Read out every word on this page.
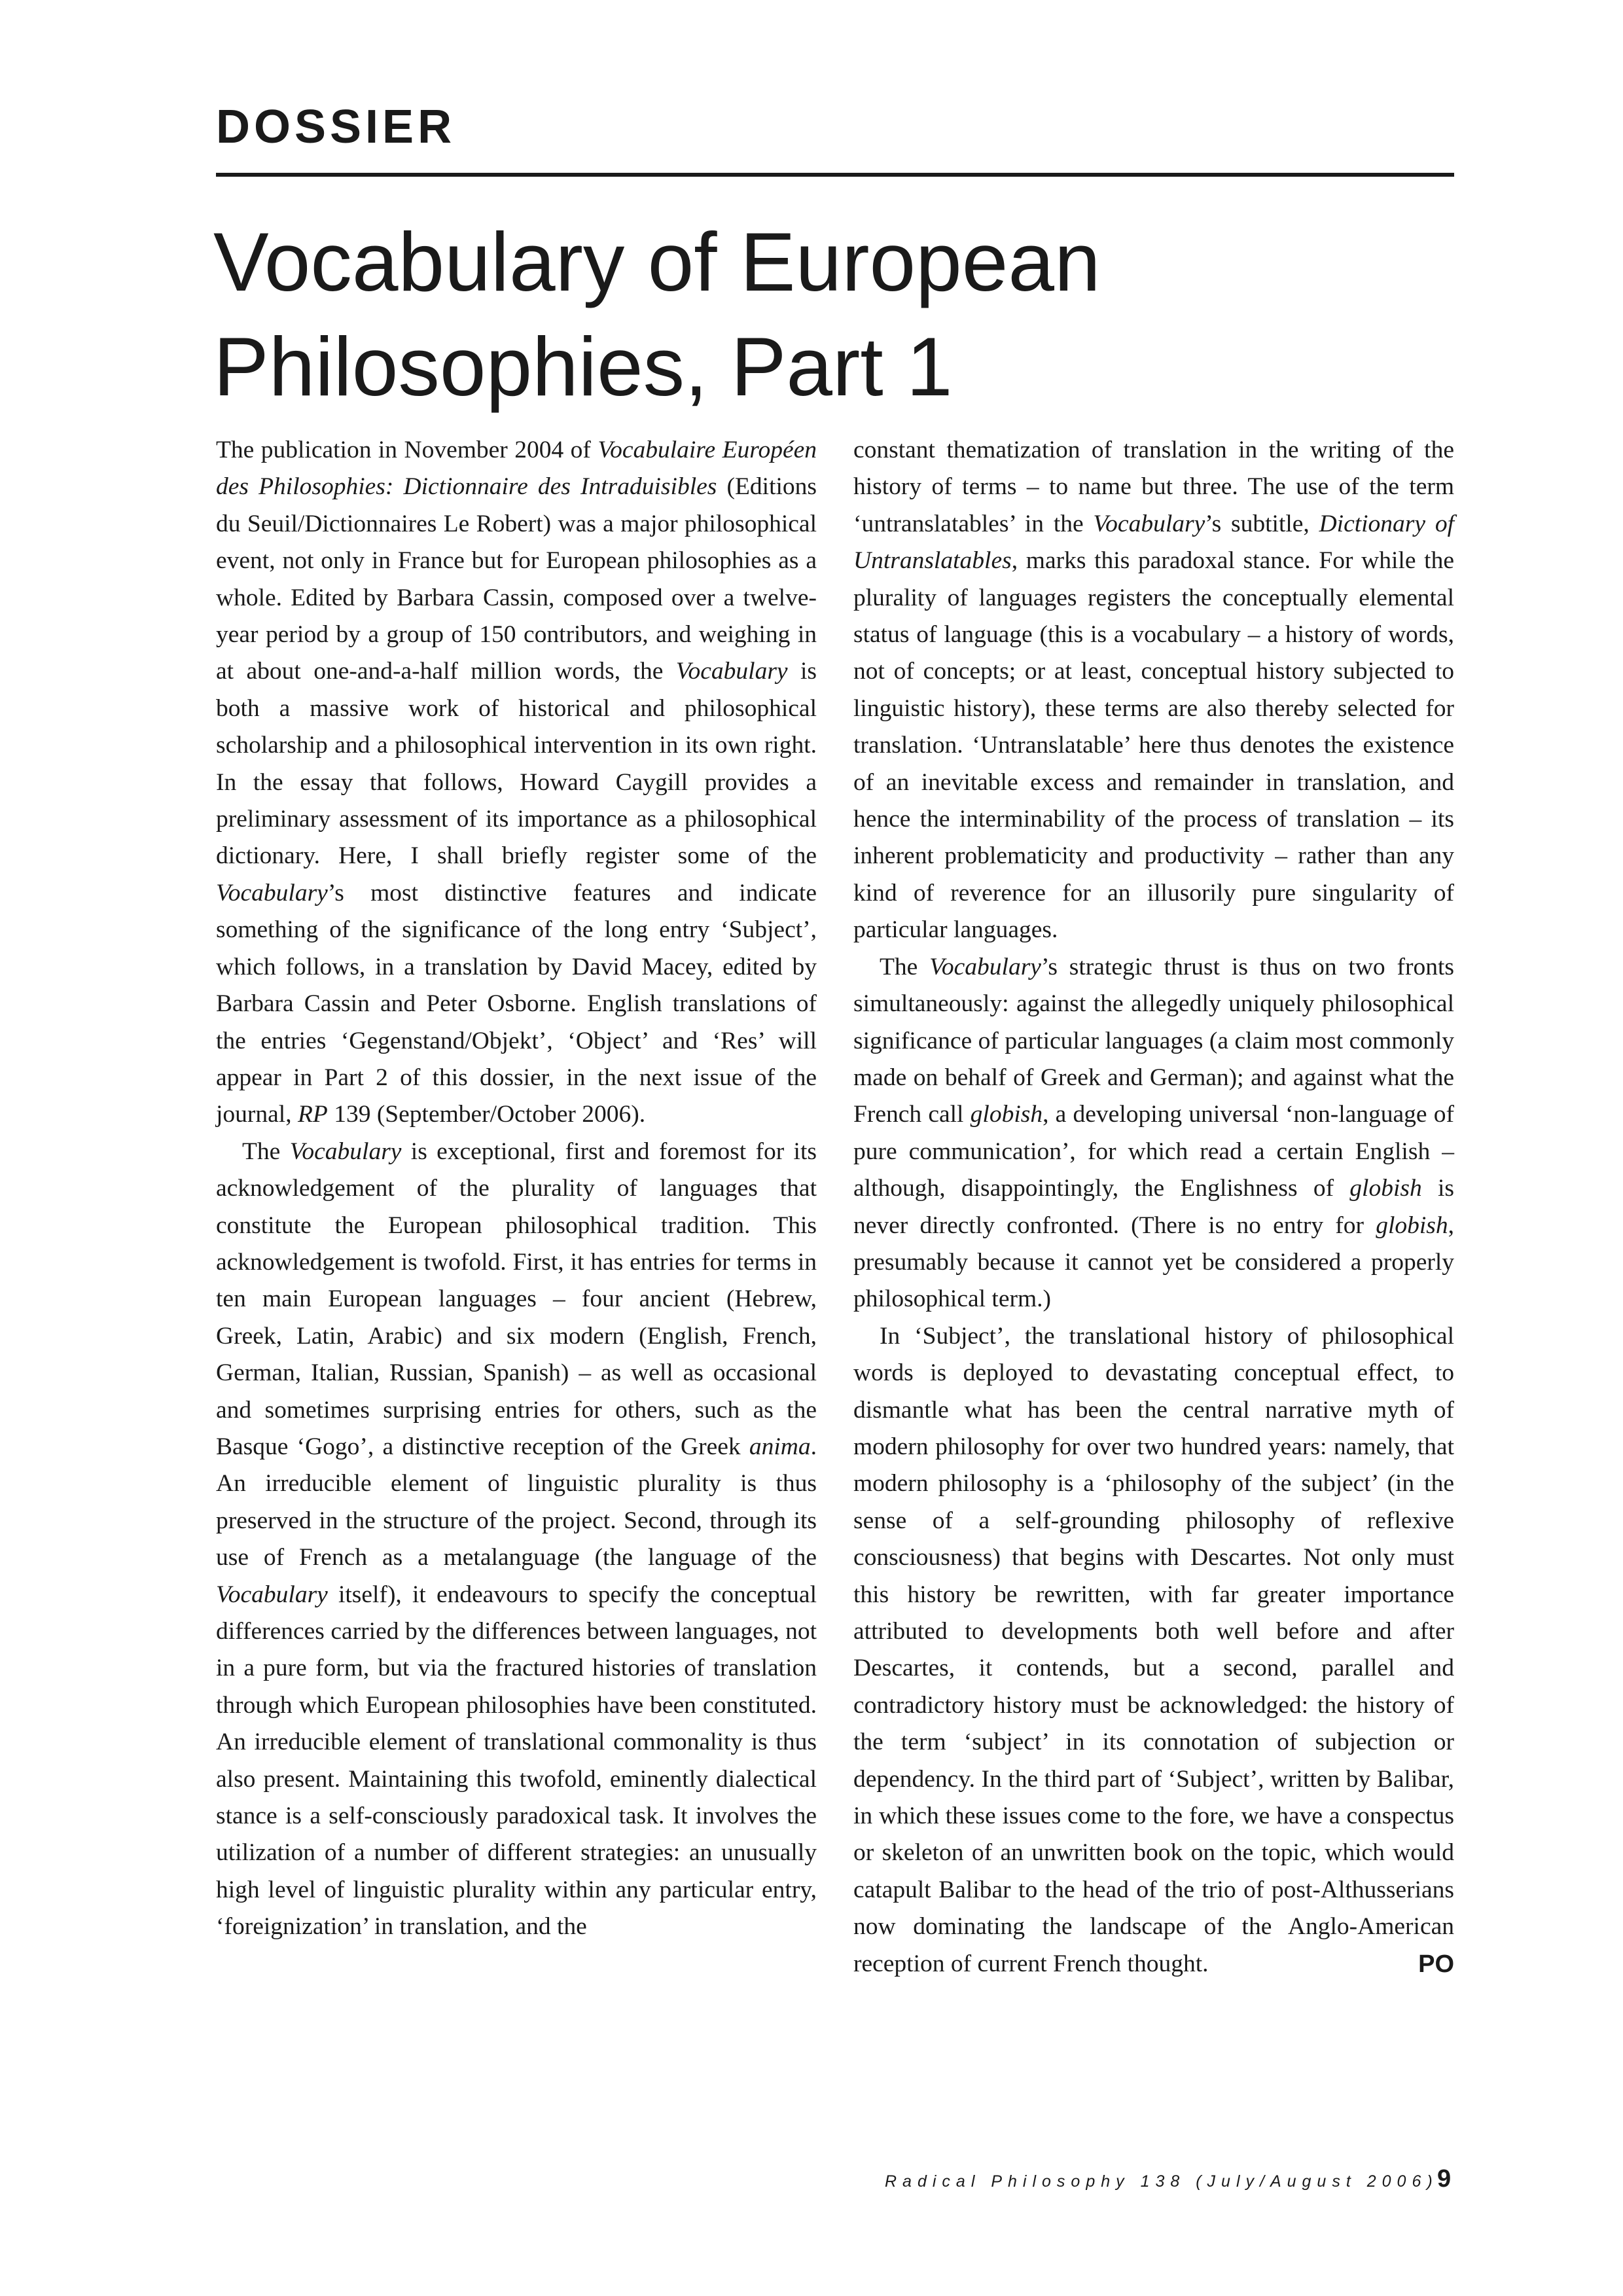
DOSSIER
Vocabulary of European
Philosophies, Part 1

The publication in November 2004 of Vocabulaire Européen des Philosophies: Dictionnaire des Intraduisibles (Editions du Seuil/Dictionnaires Le Robert) was a major philosophical event, not only in France but for European philosophies as a whole. Edited by Barbara Cassin, composed over a twelve-year period by a group of 150 contributors, and weighing in at about one-and-a-half million words, the Vocabulary is both a massive work of historical and philosophical scholarship and a philosophical intervention in its own right. In the essay that follows, Howard Caygill provides a preliminary assessment of its importance as a philosophical dictionary. Here, I shall briefly register some of the Vocabulary’s most distinctive features and indicate something of the significance of the long entry ‘Subject’, which follows, in a translation by David Macey, edited by Barbara Cassin and Peter Osborne. English translations of the entries ‘Gegenstand/Objekt’, ‘Object’ and ‘Res’ will appear in Part 2 of this dossier, in the next issue of the journal, RP 139 (September/October 2006).

The Vocabulary is exceptional, first and foremost for its acknowledgement of the plurality of languages that constitute the European philosophical tradition. This acknowledgement is twofold. First, it has entries for terms in ten main European languages – four ancient (Hebrew, Greek, Latin, Arabic) and six modern (English, French, German, Italian, Russian, Spanish) – as well as occasional and sometimes surprising entries for others, such as the Basque ‘Gogo’, a distinctive reception of the Greek anima. An irreducible element of linguistic plurality is thus preserved in the structure of the project. Second, through its use of French as a metalanguage (the language of the Vocabulary itself), it endeavours to specify the conceptual differences carried by the differences between languages, not in a pure form, but via the fractured histories of translation through which European philosophies have been constituted. An irreducible element of translational commonality is thus also present. Maintaining this twofold, eminently dialectical stance is a self-consciously paradoxical task. It involves the utilization of a number of different strategies: an unusually high level of linguistic plurality within any particular entry, ‘foreignization’ in translation, and the

constant thematization of translation in the writing of the history of terms – to name but three. The use of the term ‘untranslatables’ in the Vocabulary’s subtitle, Dictionary of Untranslatables, marks this paradoxal stance. For while the plurality of languages registers the conceptually elemental status of language (this is a vocabulary – a history of words, not of concepts; or at least, conceptual history subjected to linguistic history), these terms are also thereby selected for translation. ‘Untranslatable’ here thus denotes the existence of an inevitable excess and remainder in translation, and hence the interminability of the process of translation – its inherent problematicity and productivity – rather than any kind of reverence for an illusorily pure singularity of particular languages.

The Vocabulary’s strategic thrust is thus on two fronts simultaneously: against the allegedly uniquely philosophical significance of particular languages (a claim most commonly made on behalf of Greek and German); and against what the French call globish, a developing universal ‘non-language of pure communication’, for which read a certain English – although, disappointingly, the Englishness of globish is never directly confronted. (There is no entry for globish, presumably because it cannot yet be considered a properly philosophical term.)

In ‘Subject’, the translational history of philosophical words is deployed to devastating conceptual effect, to dismantle what has been the central narrative myth of modern philosophy for over two hundred years: namely, that modern philosophy is a ‘philosophy of the subject’ (in the sense of a self-grounding philosophy of reflexive consciousness) that begins with Descartes. Not only must this history be rewritten, with far greater importance attributed to developments both well before and after Descartes, it contends, but a second, parallel and contradictory history must be acknowledged: the history of the term ‘subject’ in its connotation of subjection or dependency. In the third part of ‘Subject’, written by Balibar, in which these issues come to the fore, we have a conspectus or skeleton of an unwritten book on the topic, which would catapult Balibar to the head of the trio of post-Althusserians now dominating the landscape of the Anglo-American reception of current French thought.	PO

Radical Philosophy 138 (July/August 2006)
9
